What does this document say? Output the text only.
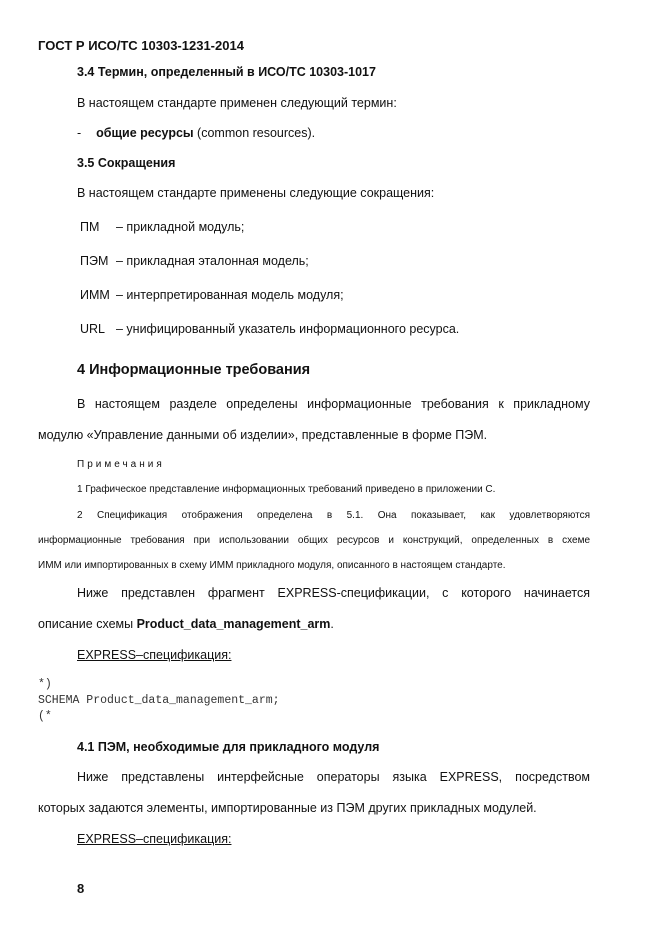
ГОСТ Р ИСО/ТС 10303-1231-2014
3.4 Термин, определенный в ИСО/ТС 10303-1017
В настоящем стандарте применен следующий термин:
- общие ресурсы (common resources).
3.5 Сокращения
В настоящем стандарте применены следующие сокращения:
ПМ – прикладной модуль;
ПЭМ – прикладная эталонная модель;
ИММ – интерпретированная модель модуля;
URL – унифицированный указатель информационного ресурса.
4 Информационные требования
В настоящем разделе определены информационные требования к прикладному
модулю «Управление данными об изделии», представленные в форме ПЭМ.
Примечания
1 Графическое представление информационных требований приведено в приложении С.
2 Спецификация отображения определена в 5.1. Она показывает, как удовлетворяются
информационные требования при использовании общих ресурсов и конструкций, определенных в схеме
ИММ или импортированных в схему ИММ прикладного модуля, описанного в настоящем стандарте.
Ниже представлен фрагмент EXPRESS-спецификации, с которого начинается
описание схемы Product_data_management_arm.
EXPRESS–спецификация:
*)
SCHEMA Product_data_management_arm;
(*
4.1 ПЭМ, необходимые для прикладного модуля
Ниже представлены интерфейсные операторы языка EXPRESS, посредством
которых задаются элементы, импортированные из ПЭМ других прикладных модулей.
EXPRESS–спецификация:
8
